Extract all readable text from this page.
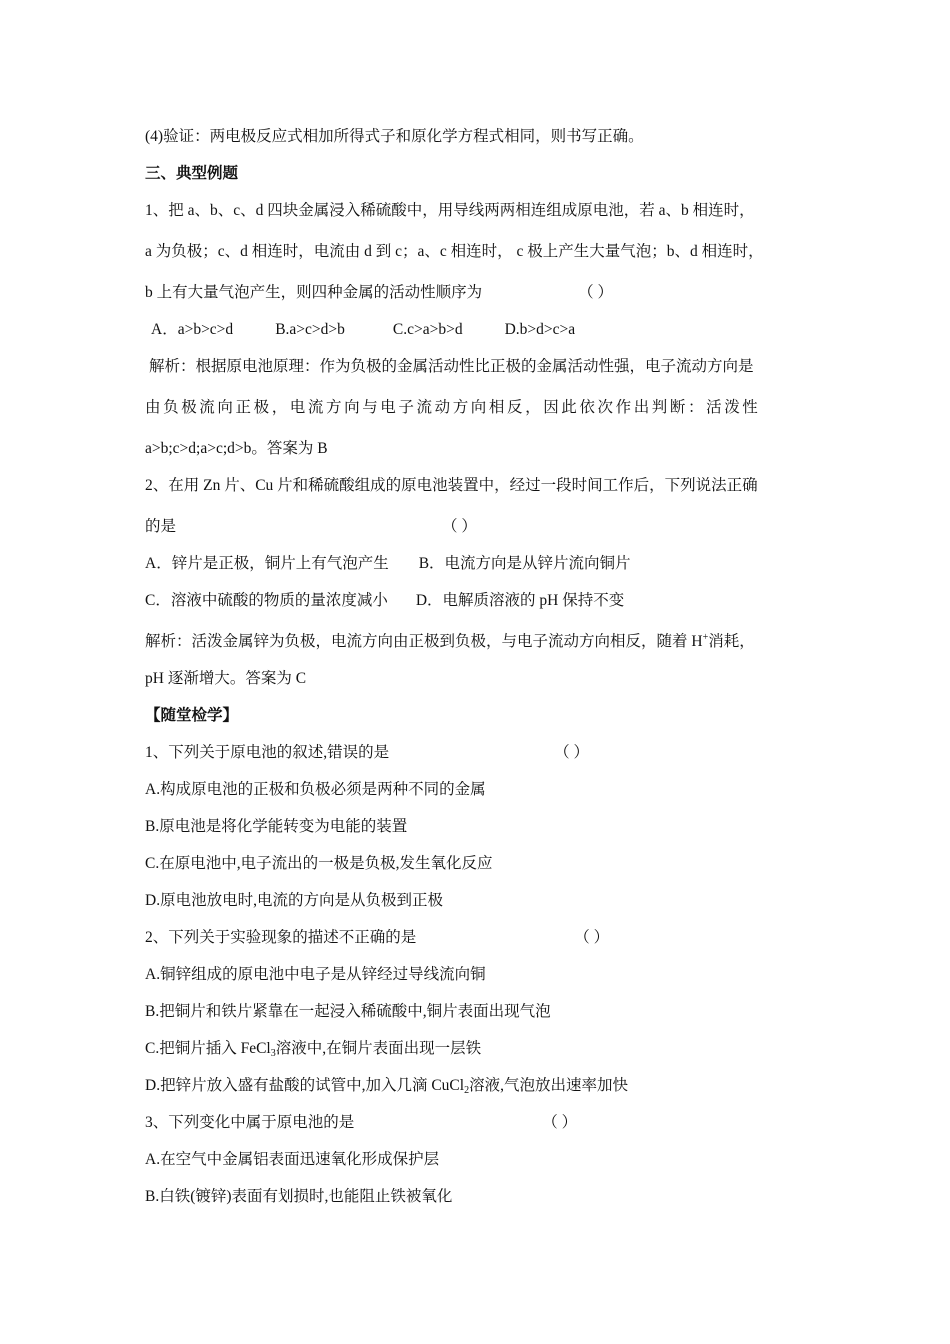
(4)验证：两电极反应式相加所得式子和原化学方程式相同，则书写正确。
三、典型例题
1、把 a、b、c、d 四块金属浸入稀硫酸中，用导线两两相连组成原电池，若 a、b 相连时，
a 为负极；c、d 相连时，电流由 d 到 c；a、c 相连时， c 极上产生大量气泡；b、d 相连时，
b 上有大量气泡产生，则四种金属的活动性顺序为	（ ）
A．a>b>c>d	B.a>c>d>b	C.c>a>b>d	D.b>d>c>a
解析：根据原电池原理：作为负极的金属活动性比正极的金属活动性强，电子流动方向是
由负极流向正极，电流方向与电子流动方向相反，因此依次作出判断：活泼性
a>b;c>d;a>c;d>b。答案为 B
2、在用 Zn 片、Cu 片和稀硫酸组成的原电池装置中，经过一段时间工作后，下列说法正确
的是	（ ）
A．锌片是正极，铜片上有气泡产生 B．电流方向是从锌片流向铜片
C．溶液中硫酸的物质的量浓度减小 D．电解质溶液的 pH 保持不变
解析：活泼金属锌为负极，电流方向由正极到负极，与电子流动方向相反，随着 H+消耗，
pH 逐渐增大。答案为 C
【随堂检学】
1、下列关于原电池的叙述,错误的是	（ ）
A.构成原电池的正极和负极必须是两种不同的金属
B.原电池是将化学能转变为电能的装置
C.在原电池中,电子流出的一极是负极,发生氧化反应
D.原电池放电时,电流的方向是从负极到正极
2、下列关于实验现象的描述不正确的是	（ ）
A.铜锌组成的原电池中电子是从锌经过导线流向铜
B.把铜片和铁片紧靠在一起浸入稀硫酸中,铜片表面出现气泡
C.把铜片插入 FeCl$_3$溶液中,在铜片表面出现一层铁
D.把锌片放入盛有盐酸的试管中,加入几滴 CuCl$_2$溶液,气泡放出速率加快
3、下列变化中属于原电池的是	（ ）
A.在空气中金属铝表面迅速氧化形成保护层
B.白铁(镀锌)表面有划损时,也能阻止铁被氧化
